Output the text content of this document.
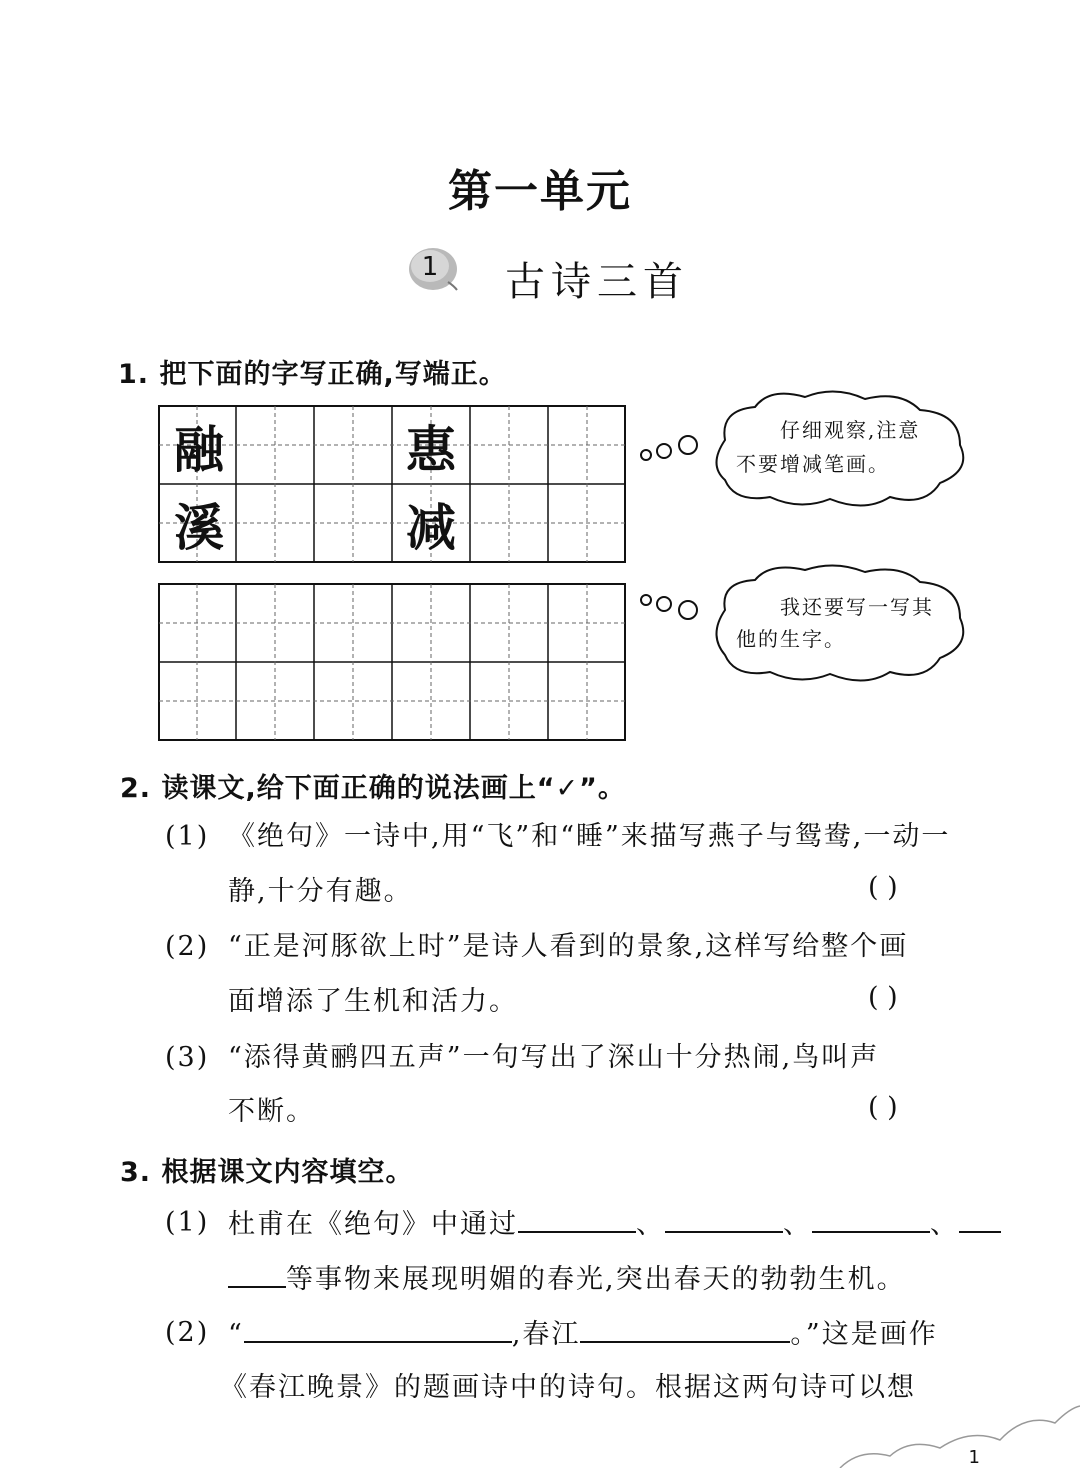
第一单元
1	古诗三首
1. 把下面的字写正确,写端正。
融	惠
溪	减
仔细观察,注意
不要增减笔画。
我还要写一写其
他的生字。
2. 读课文,给下面正确的说法画上“✓”。
(1) 《绝句》一诗中,用“飞”和“睡”来描写燕子与鸳鸯,一动一
静,十分有趣。	( )
(2) “正是河豚欲上时”是诗人看到的景象,这样写给整个画
面增添了生机和活力。	( )
(3) “添得黄鹂四五声”一句写出了深山十分热闹,鸟叫声
不断。	( )
3. 根据课文内容填空。
(1) 杜甫在《绝句》中通过	、	、	、
等事物来展现明媚的春光,突出春天的勃勃生机。
(2) “	,春江	。”这是画作
《春江晚景》的题画诗中的诗句。根据这两句诗可以想
1
